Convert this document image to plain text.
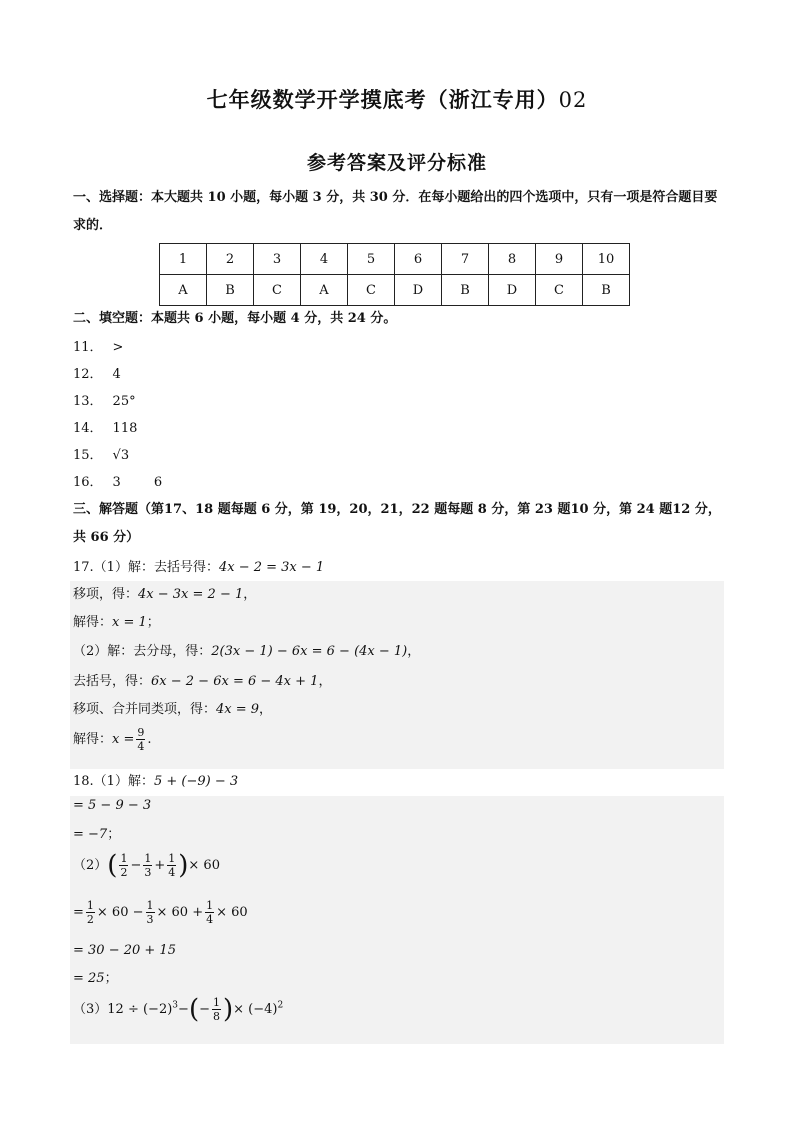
七年级数学开学摸底考（浙江专用）02
参考答案及评分标准
一、选择题：本大题共 10 小题，每小题 3 分，共 30 分．在每小题给出的四个选项中，只有一项是符合题目要求的．
1	2	3	4	5	6	7	8	9	10
A	B	C	A	C	D	B	D	C	B
二、填空题：本题共 6 小题，每小题 4 分，共 24 分。
11． >
12． 4
13． 25°
14． 118
15． √3
16． 3        6
三、解答题（第17、18 题每题 6 分，第 19，20，21，22 题每题 8 分，第 23 题10 分，第 24 题12 分，共 66 分）
17.（1）解：去括号得：4x − 2 = 3x − 1
移项，得：4x − 3x = 2 − 1，
解得：x = 1；
（2）解：去分母，得：2(3x − 1) − 6x = 6 − (4x − 1)，
去括号，得：6x − 2 − 6x = 6 − 4x + 1，
移项、合并同类项，得：4x = 9，
解得：$x = \frac{9}{4}$ .
18.（1）解：5 + (−9) − 3
= 5 − 9 − 3
= −7；
$(2)( \frac{1}{2} - \frac{1}{3} + \frac{1}{4}$ )× 60
= $\frac{1}{2} \times 60 - \frac{1}{3} \times 60 + \frac{1}{4} \times 60$
= 30 − 20 + 15
= 25；
$(3)12 \div (-2)^3-(- \frac{1}{8}$ )× $(-4)^2$
